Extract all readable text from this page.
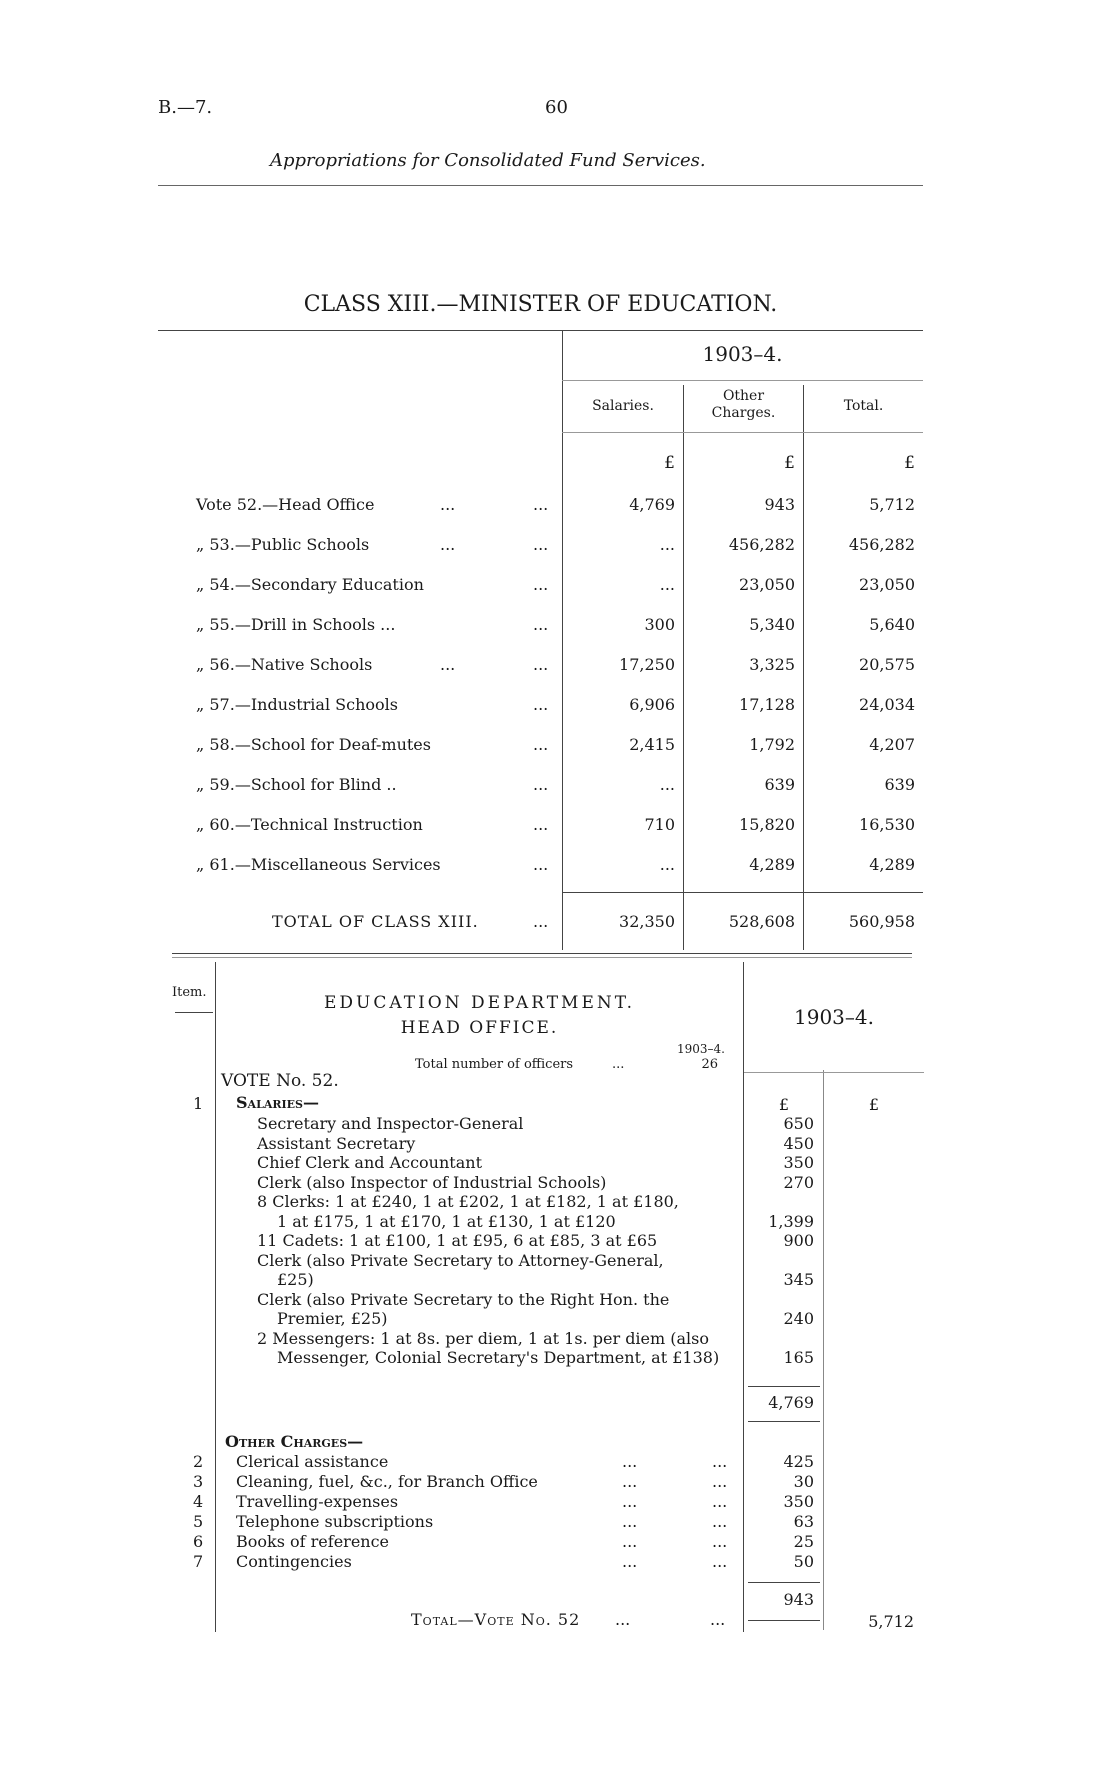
B.—7.	60
Appropriations for Consolidated Fund Services.
CLASS XIII.—MINISTER OF EDUCATION.
1903–4.
Salaries.
Other
Charges.	Total.
£	£	£
Vote 52.—Head Office	...	...	4,769	943	5,712
„ 53.—Public Schools	...	...	...	456,282	456,282
„ 54.—Secondary Education	...	...	23,050	23,050
„ 55.—Drill in Schools ...	...	300	5,340	5,640
„ 56.—Native Schools	...	...	17,250	3,325	20,575
„ 57.—Industrial Schools	...	6,906	17,128	24,034
„ 58.—School for Deaf-mutes	...	2,415	1,792	4,207
„ 59.—School for Blind ..	...	...	639	639
„ 60.—Technical Instruction	...	710	15,820	16,530
„ 61.—Miscellaneous Services	...	...	4,289	4,289
TOTAL OF CLASS XIII.	...	32,350	528,608	560,958
Item.
EDUCATION DEPARTMENT.
HEAD OFFICE.
1903–4.
Total number of officers	...	26
1903–4.
VOTE No. 52.
1 Salaries—	£	£
Secretary and Inspector-General	650
Assistant Secretary	450
Chief Clerk and Accountant	350
Clerk (also Inspector of Industrial Schools)	270
8 Clerks: 1 at £240, 1 at £202, 1 at £182, 1 at £180,
1 at £175, 1 at £170, 1 at £130, 1 at £120	1,399
11 Cadets: 1 at £100, 1 at £95, 6 at £85, 3 at £65	900
Clerk (also Private Secretary to Attorney-General,
£25)	345
Clerk (also Private Secretary to the Right Hon. the
Premier, £25)	240
2 Messengers: 1 at 8s. per diem, 1 at 1s. per diem (also
Messenger, Colonial Secretary's Department, at £138)	165
4,769
Other Charges—
2 Clerical assistance	...	...	425
3 Cleaning, fuel, &c., for Branch Office	...	...	30
4 Travelling-expenses	...	...	350
5 Telephone subscriptions	...	...	63
6 Books of reference	...	...	25
7 Contingencies	...	...	50
943
Total—Vote No. 52 ...	...	5,712
